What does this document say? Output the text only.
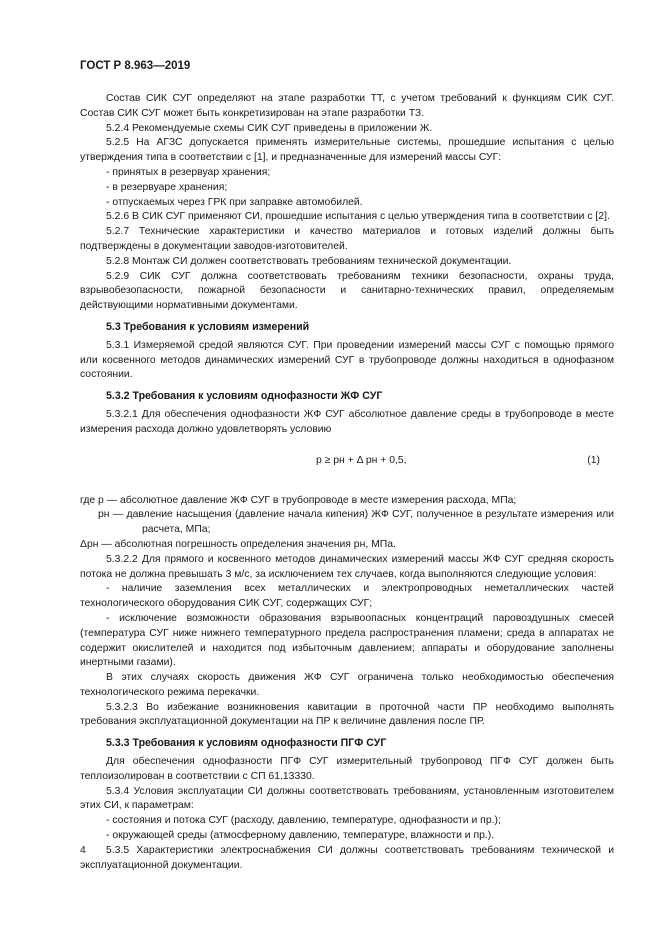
ГОСТ Р 8.963—2019

Состав СИК СУГ определяют на этапе разработки ТТ, с учетом требований к функциям СИК СУГ. Состав СИК СУГ может быть конкретизирован на этапе разработки ТЗ.

5.2.4 Рекомендуемые схемы СИК СУГ приведены в приложении Ж.

5.2.5 На АГЗС допускается применять измерительные системы, прошедшие испытания с целью утверждения типа в соответствии с [1], и предназначенные для измерений массы СУГ:

- принятых в резервуар хранения;

- в резервуаре хранения;

- отпускаемых через ГРК при заправке автомобилей.

5.2.6 В СИК СУГ применяют СИ, прошедшие испытания с целью утверждения типа в соответствии с [2].

5.2.7 Технические характеристики и качество материалов и готовых изделий должны быть подтверждены в документации заводов-изготовителей.

5.2.8 Монтаж СИ должен соответствовать требованиям технической документации.

5.2.9 СИК СУГ должна соответствовать требованиям техники безопасности, охраны труда, взрывобезопасности, пожарной безопасности и санитарно-технических правил, определяемым действующими нормативными документами.

5.3 Требования к условиям измерений

5.3.1 Измеряемой средой являются СУГ. При проведении измерений массы СУГ с помощью прямого или косвенного методов динамических измерений СУГ в трубопроводе должны находиться в однофазном состоянии.

5.3.2 Требования к условиям однофазности ЖФ СУГ

5.3.2.1 Для обеспечения однофазности ЖФ СУГ абсолютное давление среды в трубопроводе в месте измерения расхода должно удовлетворять условию

p ≥ pн + Δ pн + 0,5,	(1)

где p — абсолютное давление ЖФ СУГ в трубопроводе в месте измерения расхода, МПа;

pн — давление насыщения (давление начала кипения) ЖФ СУГ, полученное в результате измерения или расчета, МПа;

Δpн — абсолютная погрешность определения значения pн, МПа.

5.3.2.2 Для прямого и косвенного методов динамических измерений массы ЖФ СУГ средняя скорость потока не должна превышать 3 м/с, за исключением тех случаев, когда выполняются следующие условия:

- наличие заземления всех металлических и электропроводных неметаллических частей технологического оборудования СИК СУГ, содержащих СУГ;

- исключение возможности образования взрывоопасных концентраций паровоздушных смесей (температура СУГ ниже нижнего температурного предела распространения пламени; среда в аппаратах не содержит окислителей и находится под избыточным давлением; аппараты и оборудование заполнены инертными газами).

В этих случаях скорость движения ЖФ СУГ ограничена только необходимостью обеспечения технологического режима перекачки.

5.3.2.3 Во избежание возникновения кавитации в проточной части ПР необходимо выполнять требования эксплуатационной документации на ПР к величине давления после ПР.

5.3.3 Требования к условиям однофазности ПГФ СУГ

Для обеспечения однофазности ПГФ СУГ измерительный трубопровод ПГФ СУГ должен быть теплоизолирован в соответствии с СП 61.13330.

5.3.4 Условия эксплуатации СИ должны соответствовать требованиям, установленным изготовителем этих СИ, к параметрам:

- состояния и потока СУГ (расходу, давлению, температуре, однофазности и пр.);

- окружающей среды (атмосферному давлению, температуре, влажности и пр.).

5.3.5 Характеристики электроснабжения СИ должны соответствовать требованиям технической и эксплуатационной документации.

4
